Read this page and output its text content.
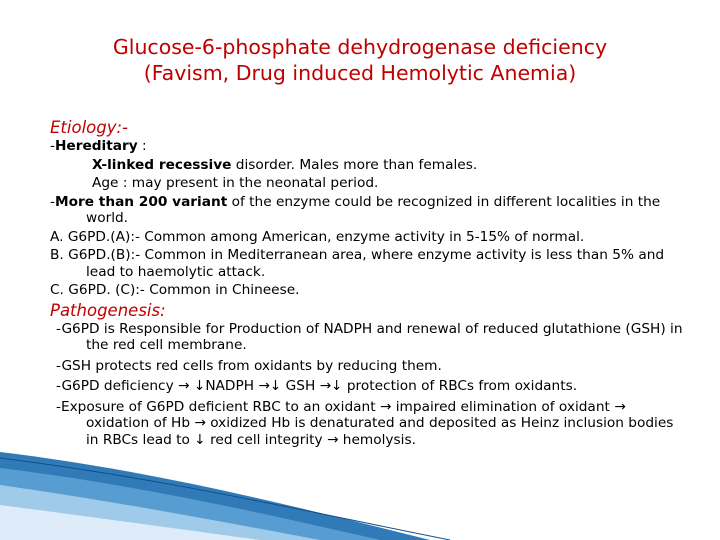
Glucose-6-phosphate dehydrogenase deficiency
(Favism, Drug induced Hemolytic Anemia)

Etiology:-

-Hereditary :

X-linked recessive disorder. Males more than females.

Age : may present in the neonatal period.

-More than 200 variant of the enzyme could be recognized in different localities in the world.

A. G6PD.(A):- Common among American, enzyme activity in 5-15% of normal.

B. G6PD.(B):- Common in Mediterranean area, where enzyme activity is less than 5% and lead to haemolytic attack.

C. G6PD. (C):- Common in Chineese.

Pathogenesis:

-G6PD is Responsible for Production of NADPH and renewal of reduced glutathione (GSH) in the red cell membrane.

-GSH protects red cells from oxidants by reducing them.

-G6PD deficiency → ↓NADPH →↓ GSH →↓ protection of RBCs from oxidants.

-Exposure of G6PD deficient RBC to an oxidant → impaired elimination of oxidant → oxidation of Hb → oxidized Hb is denaturated and deposited as Heinz inclusion bodies in RBCs lead to ↓ red cell integrity → hemolysis.
